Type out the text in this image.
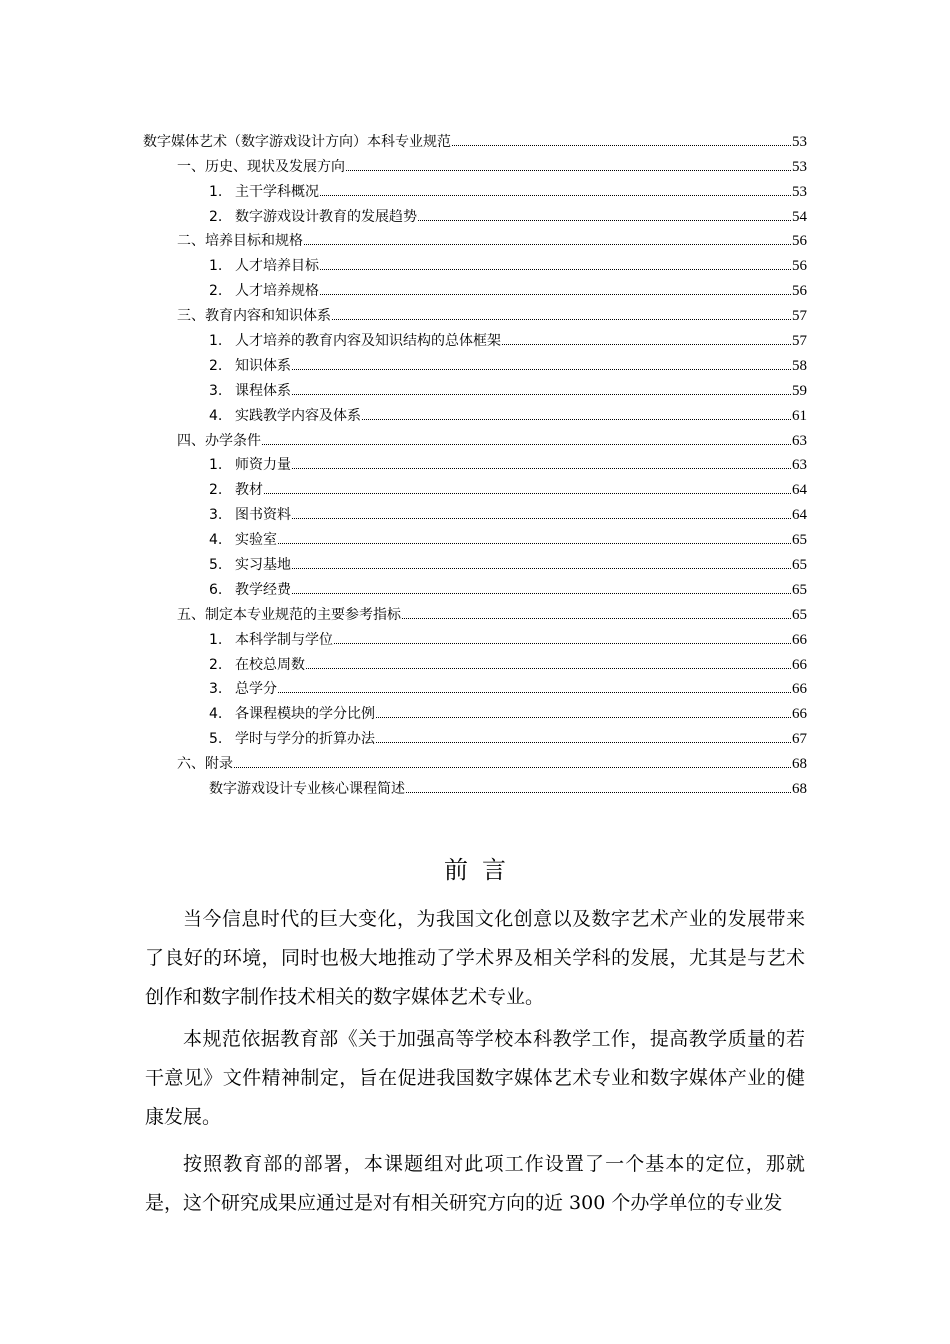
数字媒体艺术（数字游戏设计方向）本科专业规范	53
一、历史、现状及发展方向	53
1. 主干学科概况	53
2. 数字游戏设计教育的发展趋势	54
二、培养目标和规格	56
1. 人才培养目标	56
2. 人才培养规格	56
三、教育内容和知识体系	57
1. 人才培养的教育内容及知识结构的总体框架	57
2. 知识体系	58
3. 课程体系	59
4. 实践教学内容及体系	61
四、办学条件	63
1. 师资力量	63
2. 教材	64
3. 图书资料	64
4. 实验室	65
5. 实习基地	65
6. 教学经费	65
五、制定本专业规范的主要参考指标	65
1. 本科学制与学位	66
2. 在校总周数	66
3. 总学分	66
4. 各课程模块的学分比例	66
5. 学时与学分的折算办法	67
六、附录	68
数字游戏设计专业核心课程简述	68
前言

当今信息时代的巨大变化，为我国文化创意以及数字艺术产业的发展带来了良好的环境，同时也极大地推动了学术界及相关学科的发展，尤其是与艺术创作和数字制作技术相关的数字媒体艺术专业。

本规范依据教育部《关于加强高等学校本科教学工作，提高教学质量的若干意见》文件精神制定，旨在促进我国数字媒体艺术专业和数字媒体产业的健康发展。

按照教育部的部署，本课题组对此项工作设置了一个基本的定位，那就是，这个研究成果应通过是对有相关研究方向的近 300 个办学单位的专业发
